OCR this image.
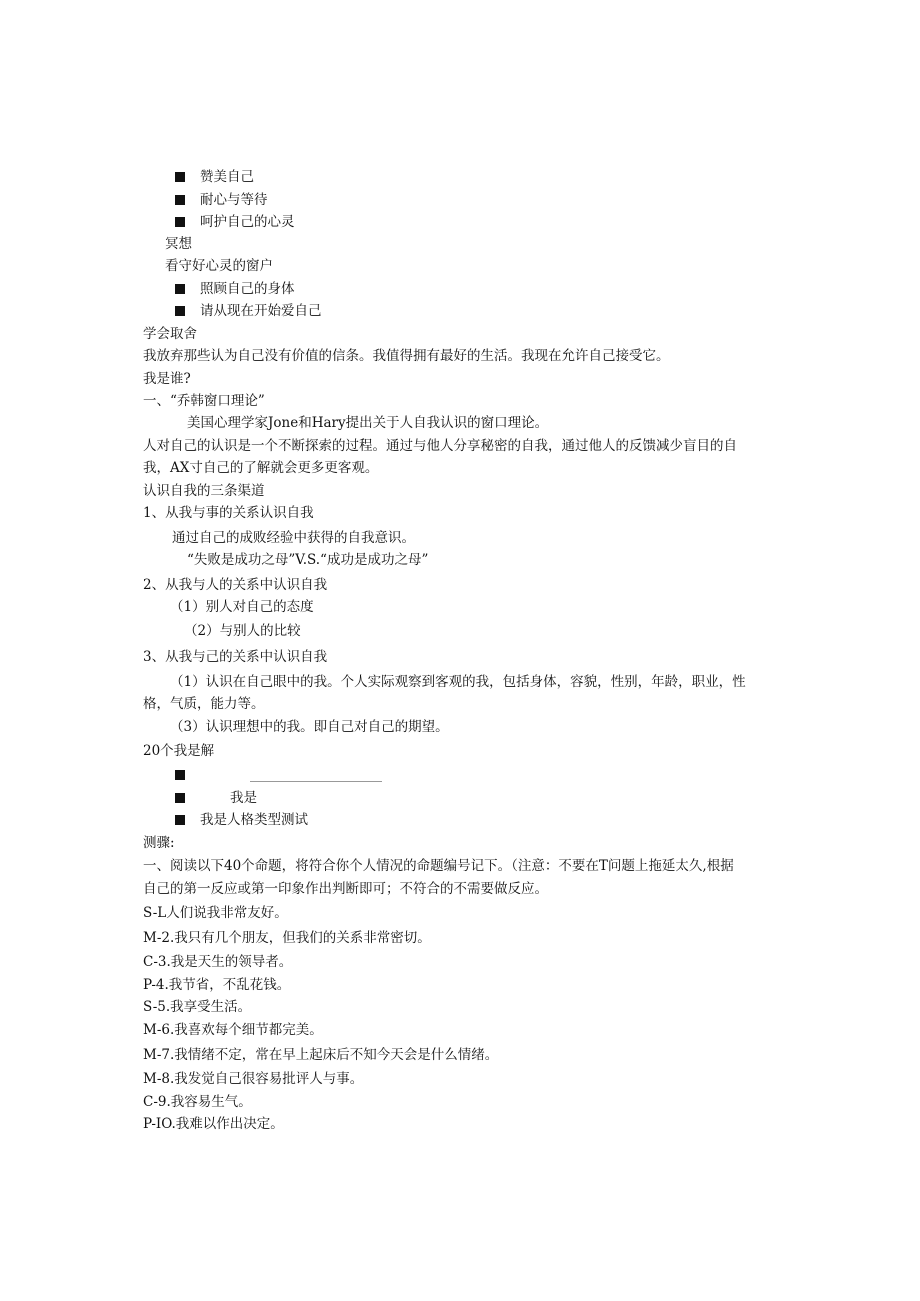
赞美自己
耐心与等待
呵护自己的心灵
冥想
看守好心灵的窗户
照顾自己的身体
请从现在开始爱自己
学会取舍
我放弃那些认为自己没有价值的信条。我值得拥有最好的生活。我现在允许自己接受它。
我是谁?
一、“乔韩窗口理论”
美国心理学家Jone和Hary提出关于人自我认识的窗口理论。
人对自己的认识是一个不断探索的过程。通过与他人分享秘密的自我，通过他人的反馈减少盲目的自
我，AX寸自己的了解就会更多更客观。
认识自我的三条渠道
1、从我与事的关系认识自我
通过自己的成败经验中获得的自我意识。
“失败是成功之母”V.S.“成功是成功之母”
2、从我与人的关系中认识自我
（1）别人对自己的态度
（2）与别人的比较
3、从我与己的关系中认识自我
（1）认识在自己眼中的我。个人实际观察到客观的我，包括身体，容貌，性别，年龄，职业，性
格，气质，能力等。
（3）认识理想中的我。即自己对自己的期望。
20个我是解
我是
我是人格类型测试
测骤:
一、阅读以下40个命题，将符合你个人情况的命题编号记下。（注意：不要在T问题上拖延太久,根据
自己的第一反应或第一印象作出判断即可；不符合的不需要做反应。
S-L人们说我非常友好。
M-2.我只有几个朋友，但我们的关系非常密切。
C-3.我是天生的领导者。
P-4.我节省，不乱花钱。
S-5.我享受生活。
M-6.我喜欢每个细节都完美。
M-7.我情绪不定，常在早上起床后不知今天会是什么情绪。
M-8.我发觉自己很容易批评人与事。
C-9.我容易生气。
P-IO.我难以作出决定。
